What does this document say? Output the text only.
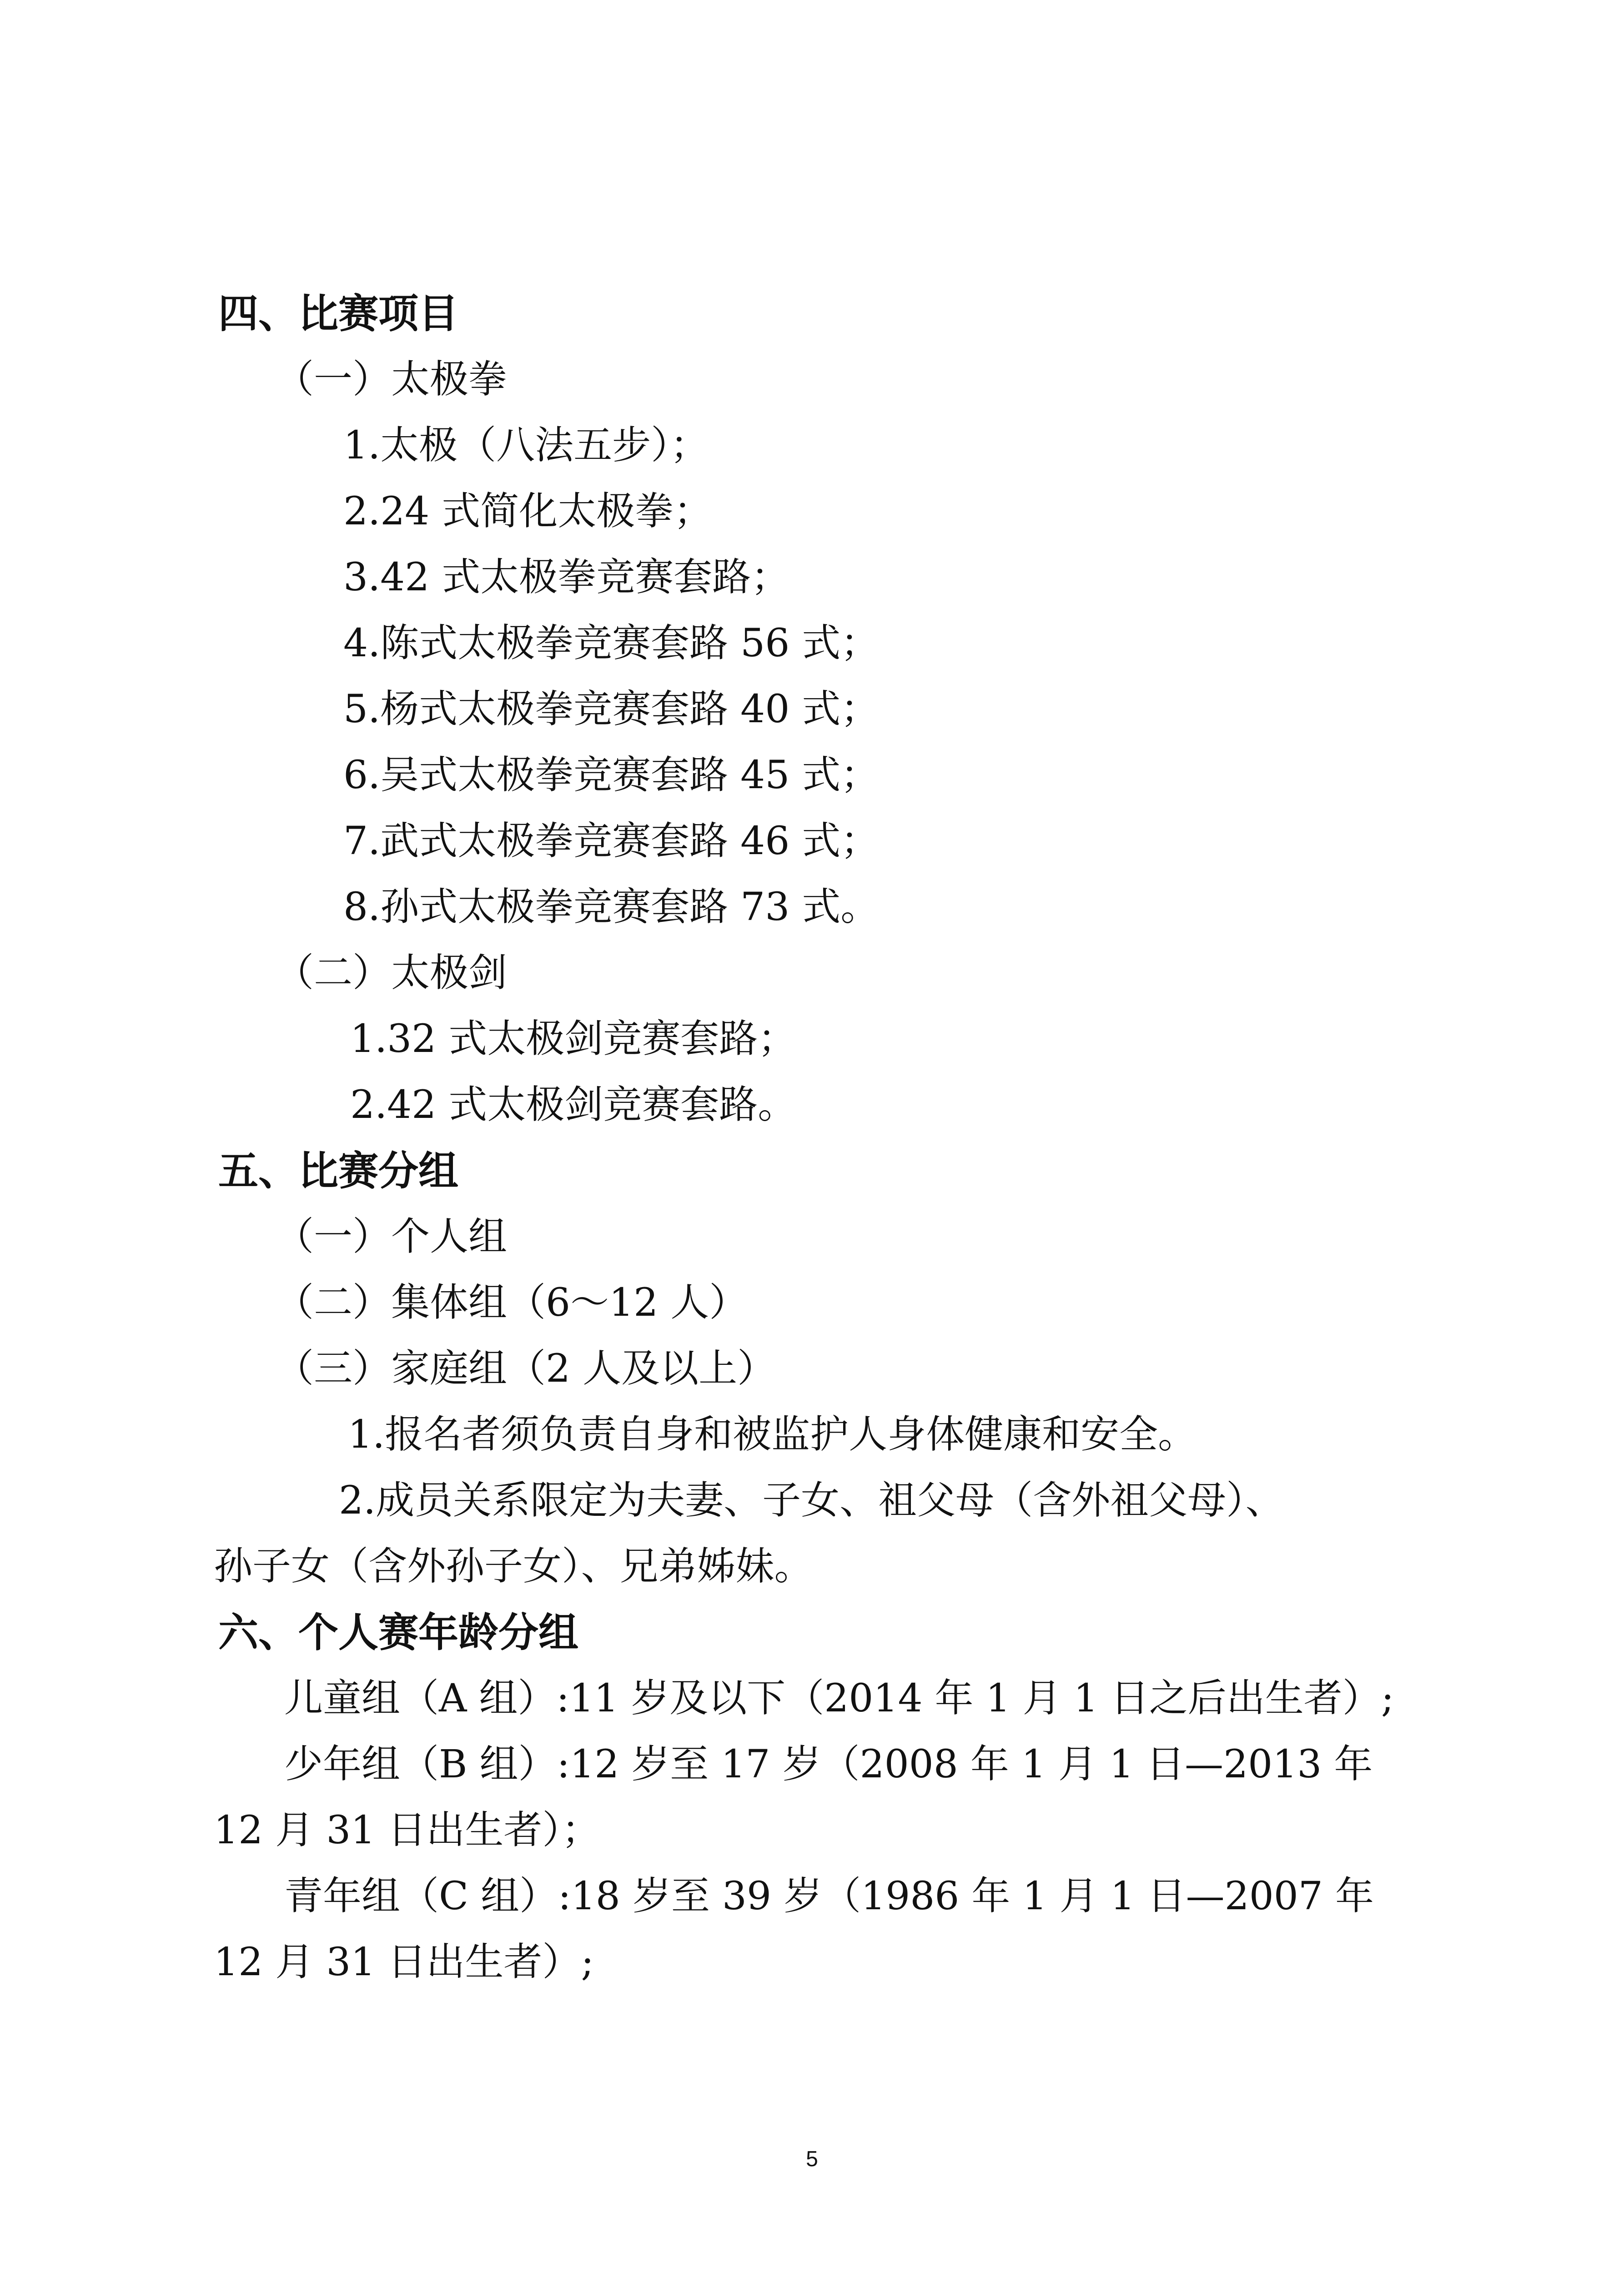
四、比赛项目
（一）太极拳
1.太极（八法五步）；
2.24 式简化太极拳；
3.42 式太极拳竞赛套路；
4.陈式太极拳竞赛套路 56 式；
5.杨式太极拳竞赛套路 40 式；
6.吴式太极拳竞赛套路 45 式；
7.武式太极拳竞赛套路 46 式；
8.孙式太极拳竞赛套路 73 式。
（二）太极剑
1.32 式太极剑竞赛套路；
2.42 式太极剑竞赛套路。
五、比赛分组
（一）个人组
（二）集体组（6～12 人）
（三）家庭组（2 人及以上）
1.报名者须负责自身和被监护人身体健康和安全。
2.成员关系限定为夫妻、子女、祖父母（含外祖父母）、
孙子女（含外孙子女）、兄弟姊妹。
六、个人赛年龄分组
儿童组（A 组）:11 岁及以下（2014 年 1 月 1 日之后出生者）;
少年组（B 组）:12 岁至 17 岁（2008 年 1 月 1 日—2013 年
12 月 31 日出生者）；
青年组（C 组）:18 岁至 39 岁（1986 年 1 月 1 日—2007 年
12 月 31 日出生者）;
5
